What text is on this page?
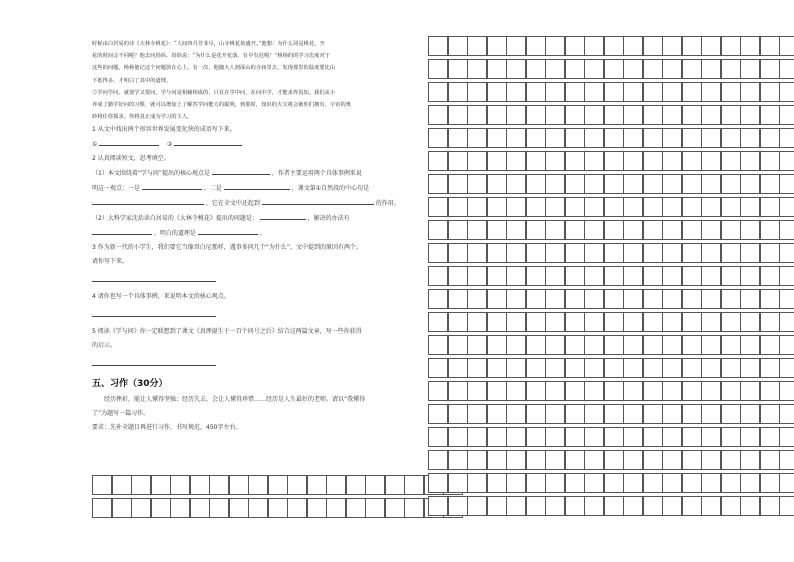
时候由白居易的诗《大林寺桃花》：“人间四月芳菲尽，山寺桃花始盛开。”他想：为什么同是桃花，开

花的时间会不同呢？他去问妈妈。妈妈说：“为什么是花开花落，有早有迟呢！”杨杨的的学习态度对于

这些的问题，杨杨他记这个问题放在心上。有一次，他随大人到深山的寺庙里去，发现那里的温度要比山

下低得多，才明白了其中的道理。

②学问学问，就要学又要问。学与问是相辅相成的，只有在学中问，在问中学，才能求得真知。我们从小

养成了勤学好问的习惯，就可以增加上了解答学问能力的聪明，到那时，知识的大宝将会被你们拥有，宇宙的奥

妙将任你探求。你将真正成为学习的主人。

1 从文中找出两个形容世界发展变化快的成语写下来。

①	②

2 认真阅读短文，思考填空。

（1）本文围绕着“学与问”提出的核心观点是	，作者主要运用两个具体事例来说

明这一观点：一是	，二是	，课文第①自然段的中心句是

，它在全文中还起到	的作用。

（2）大科学家沈括读白居易的《大林寺桃花》提出的问题是：	，解决的办法有

，明白的道理是	。

3 作为新一代的小学生，我们要它当像哥白尼那样，遇事多问几个“为什么”，文中提到的原因有两个，

请你写下来。

4 请你也写一个具体事例，来说明本文的核心观点。

5 阅读《学与问》你一定联想到了课文《真理诞生于一百个问号之后》结合这两篇文章，写一些你获得

的启示。

五、习作（30分）

经历挫折，能让人懂得坚强；经历失去，会让人懂得珍惜……经历是人生最好的老师。请以“我懂得

了”为题写一篇习作。

要求：先补全题目再进行习作，书写规范，450字左右。
